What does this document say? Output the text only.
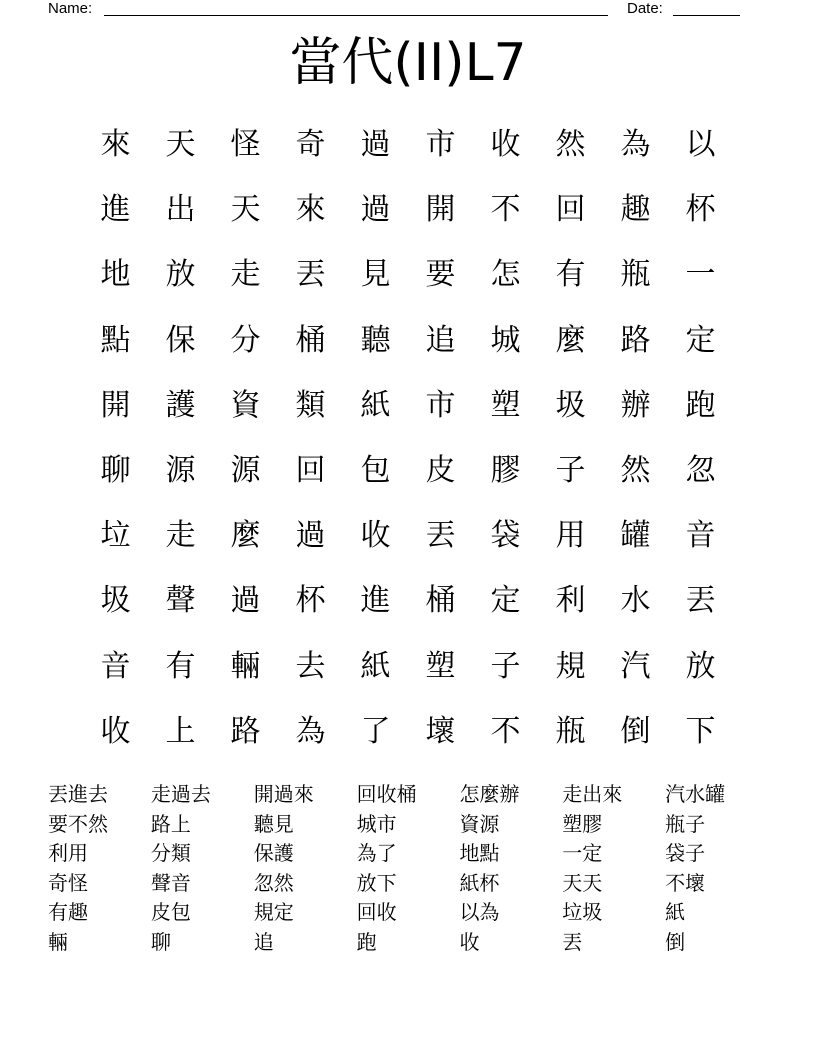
Name:	Date:
當代(II)L7
來	天	怪	奇	過	市	收	然	為	以
進	出	天	來	過	開	不	回	趣	杯
地	放	走	丟	見	要	怎	有	瓶	一
點	保	分	桶	聽	追	城	麼	路	定
開	護	資	類	紙	市	塑	圾	辦	跑
聊	源	源	回	包	皮	膠	子	然	忽
垃	走	麼	過	收	丟	袋	用	罐	音
圾	聲	過	杯	進	桶	定	利	水	丟
音	有	輛	去	紙	塑	子	規	汽	放
收	上	路	為	了	壞	不	瓶	倒	下
丟進去	走過去	開過來	回收桶	怎麼辦	走出來	汽水罐
要不然	路上	聽見	城市	資源	塑膠	瓶子
利用	分類	保護	為了	地點	一定	袋子
奇怪	聲音	忽然	放下	紙杯	天天	不壞
有趣	皮包	規定	回收	以為	垃圾	紙
輛	聊	追	跑	收	丟	倒
